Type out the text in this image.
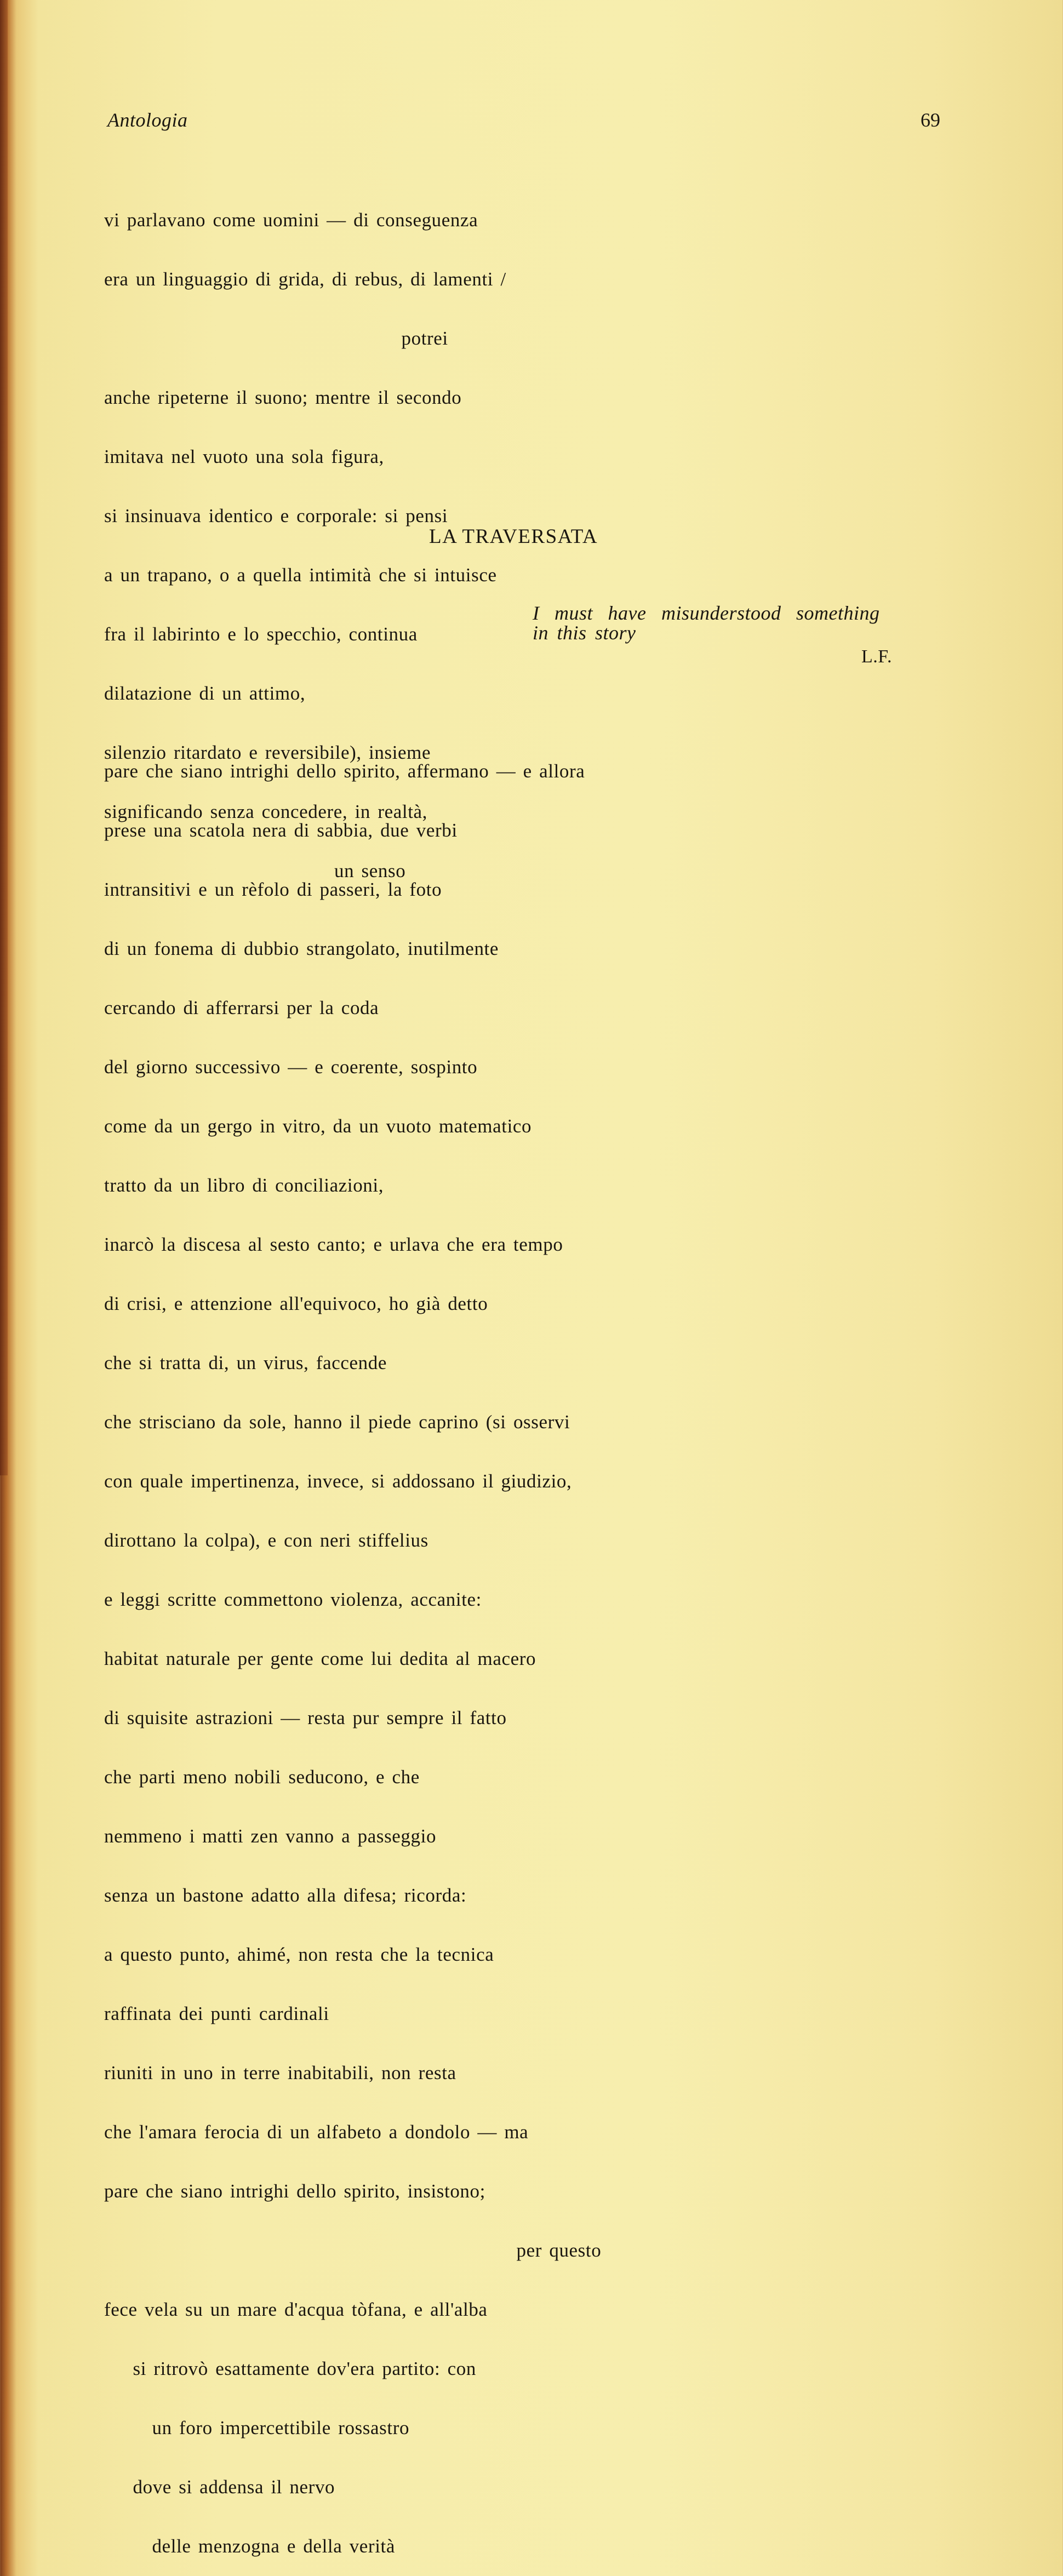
Antologia	69

vi parlavano come uomini — di conseguenza

era un linguaggio di grida, di rebus, di lamenti /

potrei

anche ripeterne il suono; mentre il secondo

imitava nel vuoto una sola figura,

si insinuava identico e corporale: si pensi

a un trapano, o a quella intimità che si intuisce

fra il labirinto e lo specchio, continua

dilatazione di un attimo,

silenzio ritardato e reversibile), insieme

significando senza concedere, in realtà,

un senso

LA TRAVERSATA
I must have misunderstood something
in this story
L.F.

pare che siano intrighi dello spirito, affermano — e allora

prese una scatola nera di sabbia, due verbi

intransitivi e un rèfolo di passeri, la foto

di un fonema di dubbio strangolato, inutilmente

cercando di afferrarsi per la coda

del giorno successivo — e coerente, sospinto

come da un gergo in vitro, da un vuoto matematico

tratto da un libro di conciliazioni,

inarcò la discesa al sesto canto; e urlava che era tempo

di crisi, e attenzione all'equivoco, ho già detto

che si tratta di, un virus, faccende

che strisciano da sole, hanno il piede caprino (si osservi

con quale impertinenza, invece, si addossano il giudizio,

dirottano la colpa), e con neri stiffelius

e leggi scritte commettono violenza, accanite:

habitat naturale per gente come lui dedita al macero

di squisite astrazioni — resta pur sempre il fatto

che parti meno nobili seducono, e che

nemmeno i matti zen vanno a passeggio

senza un bastone adatto alla difesa; ricorda:

a questo punto, ahimé, non resta che la tecnica

raffinata dei punti cardinali

riuniti in uno in terre inabitabili, non resta

che l'amara ferocia di un alfabeto a dondolo — ma

pare che siano intrighi dello spirito, insistono;

per questo

fece vela su un mare d'acqua tòfana, e all'alba

si ritrovò esattamente dov'era partito: con

un foro impercettibile rossastro

dove si addensa il nervo

delle menzogna e della verità
